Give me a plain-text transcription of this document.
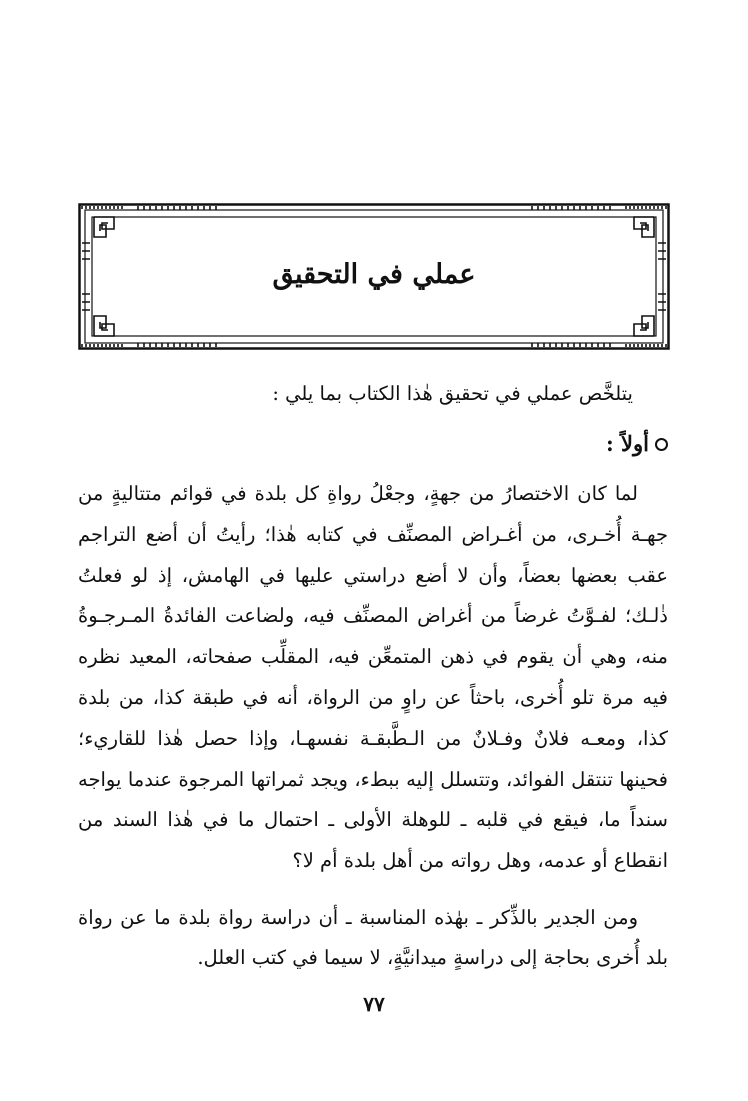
عملي في التحقيق
يتلخَّص عملي في تحقيق هٰذا الكتاب بما يلي :
أولاً :
لما كان الاختصارُ من جهةٍ، وجعْلُ رواةِ كل بلدة في قوائم متتاليةٍ من جهـة أُخـرى، من أغـراض المصنِّف في كتابه هٰذا؛ رأيتُ أن أضع التراجم عقب بعضها بعضاً، وأن لا أضع دراستي عليها في الهامش، إذ لو فعلتُ ذٰلـك؛ لفـوَّتُ غرضاً من أغراض المصنِّف فيه، ولضاعت الفائدةُ المـرجـوةُ منه، وهي أن يقوم في ذهن المتمعِّن فيه، المقلِّب صفحاته، المعيد نظره فيه مرة تلو أُخرى، باحثاً عن راوٍ من الرواة، أنه في طبقة كذا، من بلدة كذا، ومعـه فلانٌ وفـلانٌ من الـطَّبقـة نفسهـا، وإذا حصل هٰذا للقاريء؛ فحينها تنتقل الفوائد، وتتسلل إليه ببطء، ويجد ثمراتها المرجوة عندما يواجه سنداً ما، فيقع في قلبه ـ للوهلة الأولى ـ احتمال ما في هٰذا السند من انقطاع أو عدمه، وهل رواته من أهل بلدة أم لا؟
ومن الجدير بالذِّكر ـ بهٰذه المناسبة ـ أن دراسة رواة بلدة ما عن رواة بلد أُخرى بحاجة إلى دراسةٍ ميدانيَّةٍ، لا سيما في كتب العلل.
٧٧
